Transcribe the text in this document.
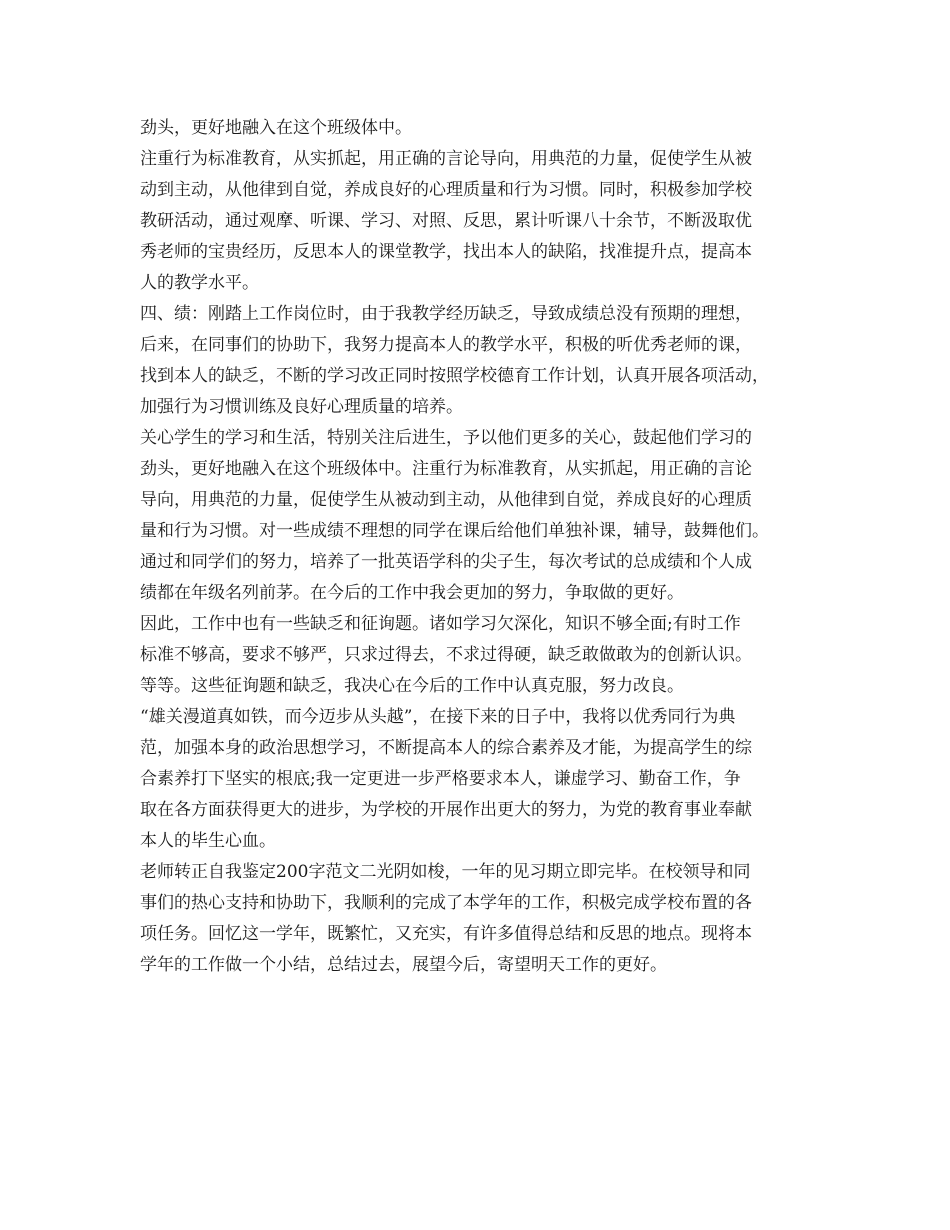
劲头，更好地融入在这个班级体中。
注重行为标准教育，从实抓起，用正确的言论导向，用典范的力量，促使学生从被
动到主动，从他律到自觉，养成良好的心理质量和行为习惯。同时，积极参加学校
教研活动，通过观摩、听课、学习、对照、反思，累计听课八十余节，不断汲取优
秀老师的宝贵经历，反思本人的课堂教学，找出本人的缺陷，找准提升点，提高本
人的教学水平。
四、绩：刚踏上工作岗位时，由于我教学经历缺乏，导致成绩总没有预期的理想，
后来，在同事们的协助下，我努力提高本人的教学水平，积极的听优秀老师的课，
找到本人的缺乏，不断的学习改正同时按照学校德育工作计划，认真开展各项活动，
加强行为习惯训练及良好心理质量的培养。
关心学生的学习和生活，特别关注后进生，予以他们更多的关心，鼓起他们学习的
劲头，更好地融入在这个班级体中。注重行为标准教育，从实抓起，用正确的言论
导向，用典范的力量，促使学生从被动到主动，从他律到自觉，养成良好的心理质
量和行为习惯。对一些成绩不理想的同学在课后给他们单独补课，辅导，鼓舞他们。
通过和同学们的努力，培养了一批英语学科的尖子生，每次考试的总成绩和个人成
绩都在年级名列前茅。在今后的工作中我会更加的努力，争取做的更好。
因此，工作中也有一些缺乏和征询题。诸如学习欠深化，知识不够全面;有时工作
标准不够高，要求不够严，只求过得去，不求过得硬，缺乏敢做敢为的创新认识。
等等。这些征询题和缺乏，我决心在今后的工作中认真克服，努力改良。
“雄关漫道真如铁，而今迈步从头越”，在接下来的日子中，我将以优秀同行为典
范，加强本身的政治思想学习，不断提高本人的综合素养及才能，为提高学生的综
合素养打下坚实的根底;我一定更进一步严格要求本人，谦虚学习、勤奋工作，争
取在各方面获得更大的进步，为学校的开展作出更大的努力，为党的教育事业奉献
本人的毕生心血。
老师转正自我鉴定200字范文二光阴如梭，一年的见习期立即完毕。在校领导和同
事们的热心支持和协助下，我顺利的完成了本学年的工作，积极完成学校布置的各
项任务。回忆这一学年，既繁忙，又充实，有许多值得总结和反思的地点。现将本
学年的工作做一个小结，总结过去，展望今后，寄望明天工作的更好。
